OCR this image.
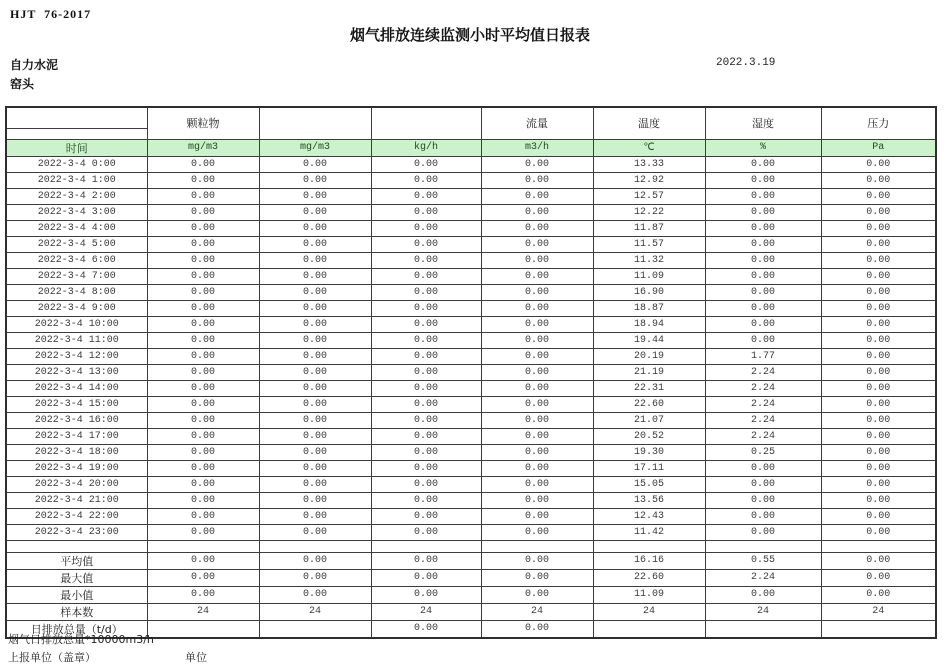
HJT  76-2017
烟气排放连续监测小时平均值日报表
自力水泥
窑头
2022.3.19
	颗粒物			流量	温度	湿度	压力

时间	mg/m3	mg/m3	kg/h	m3/h	℃	%	Pa
2022-3-4 0:00	0.00	0.00	0.00	0.00	13.33	0.00	0.00
2022-3-4 1:00	0.00	0.00	0.00	0.00	12.92	0.00	0.00
2022-3-4 2:00	0.00	0.00	0.00	0.00	12.57	0.00	0.00
2022-3-4 3:00	0.00	0.00	0.00	0.00	12.22	0.00	0.00
2022-3-4 4:00	0.00	0.00	0.00	0.00	11.87	0.00	0.00
2022-3-4 5:00	0.00	0.00	0.00	0.00	11.57	0.00	0.00
2022-3-4 6:00	0.00	0.00	0.00	0.00	11.32	0.00	0.00
2022-3-4 7:00	0.00	0.00	0.00	0.00	11.09	0.00	0.00
2022-3-4 8:00	0.00	0.00	0.00	0.00	16.90	0.00	0.00
2022-3-4 9:00	0.00	0.00	0.00	0.00	18.87	0.00	0.00
2022-3-4 10:00	0.00	0.00	0.00	0.00	18.94	0.00	0.00
2022-3-4 11:00	0.00	0.00	0.00	0.00	19.44	0.00	0.00
2022-3-4 12:00	0.00	0.00	0.00	0.00	20.19	1.77	0.00
2022-3-4 13:00	0.00	0.00	0.00	0.00	21.19	2.24	0.00
2022-3-4 14:00	0.00	0.00	0.00	0.00	22.31	2.24	0.00
2022-3-4 15:00	0.00	0.00	0.00	0.00	22.60	2.24	0.00
2022-3-4 16:00	0.00	0.00	0.00	0.00	21.07	2.24	0.00
2022-3-4 17:00	0.00	0.00	0.00	0.00	20.52	2.24	0.00
2022-3-4 18:00	0.00	0.00	0.00	0.00	19.30	0.25	0.00
2022-3-4 19:00	0.00	0.00	0.00	0.00	17.11	0.00	0.00
2022-3-4 20:00	0.00	0.00	0.00	0.00	15.05	0.00	0.00
2022-3-4 21:00	0.00	0.00	0.00	0.00	13.56	0.00	0.00
2022-3-4 22:00	0.00	0.00	0.00	0.00	12.43	0.00	0.00
2022-3-4 23:00	0.00	0.00	0.00	0.00	11.42	0.00	0.00

平均值	0.00	0.00	0.00	0.00	16.16	0.55	0.00
最大值	0.00	0.00	0.00	0.00	22.60	2.24	0.00
最小值	0.00	0.00	0.00	0.00	11.09	0.00	0.00
样本数	24	24	24	24	24	24	24
日排放总量（t/d）			0.00	0.00			
烟气日排放总量*10000m3/h
上报单位（盖章）	单位
